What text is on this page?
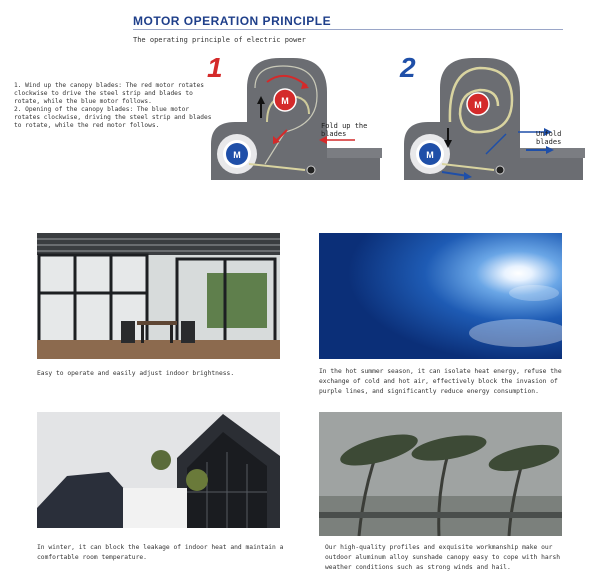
MOTOR OPERATION PRINCIPLE
The operating principle of electric power

1. Wind up the canopy blades: The red motor rotates clockwise to drive the steel strip and blades to rotate, while the blue motor follows.

2. Opening of the canopy blades: The blue motor rotates clockwise, driving the steel strip and blades to rotate, while the red motor follows.

M
M
1
Fold up the blades
M
M
2
Unfold blades
Easy to operate and easily adjust indoor brightness.	In the hot summer season, it can isolate heat energy, refuse the exchange of cold and hot air, effectively block the invasion of purple lines, and significantly reduce energy consumption.
In winter, it can block the leakage of indoor heat and maintain a comfortable room temperature.
Our high-quality profiles and exquisite workmanship make our outdoor aluminum alloy sunshade canopy easy to cope with harsh weather conditions such as strong winds and hail.
